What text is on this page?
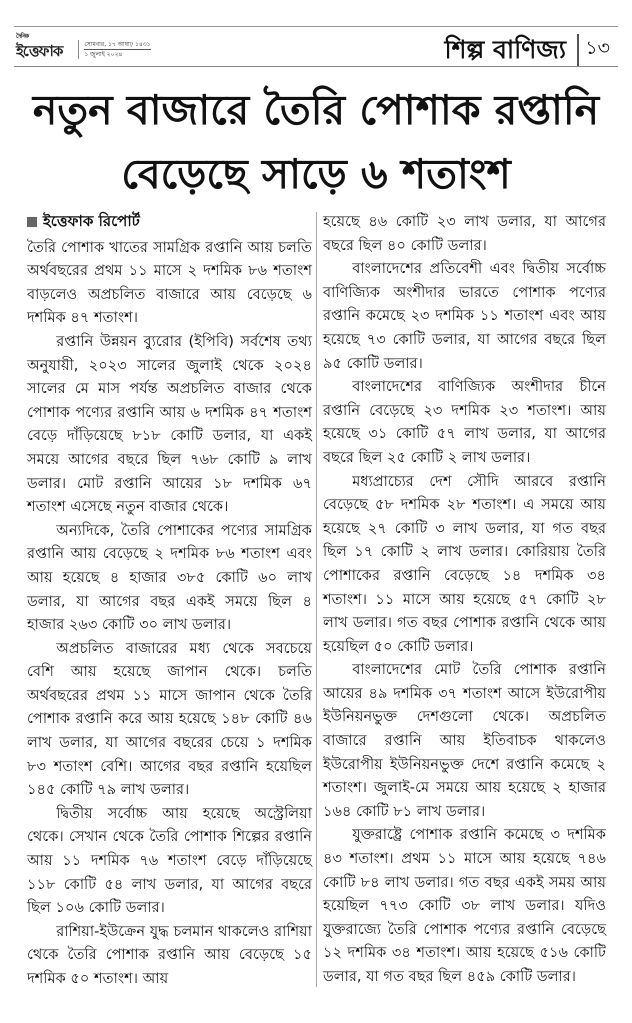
দৈনিক
ইত্তেফাক	সোমবার, ১৭ আষাঢ় ১৪৩১
১ জুলাই ২০২৪	শিল্প বাণিজ্য	১৩
নতুন বাজারে তৈরি পোশাক রপ্তানি
বেড়েছে সাড়ে ৬ শতাংশ
ইত্তেফাক রিপোর্ট

তৈরি পোশাক খাতের সামগ্রিক রপ্তানি আয় চলতি অর্থবছরের প্রথম ১১ মাসে ২ দশমিক ৮৬ শতাংশ বাড়লেও অপ্রচলিত বাজারে আয় বেড়েছে ৬ দশমিক ৪৭ শতাংশ।

রপ্তানি উন্নয়ন ব্যুরোর (ইপিবি) সর্বশেষ তথ্য অনুযায়ী, ২০২৩ সালের জুলাই থেকে ২০২৪ সালের মে মাস পর্যন্ত অপ্রচলিত বাজার থেকে পোশাক পণ্যের রপ্তানি আয় ৬ দশমিক ৪৭ শতাংশ বেড়ে দাঁড়িয়েছে ৮১৮ কোটি ডলার, যা একই সময়ে আগের বছরে ছিল ৭৬৮ কোটি ৯ লাখ ডলার। মোট রপ্তানি আয়ের ১৮ দশমিক ৬৭ শতাংশ এসেছে নতুন বাজার থেকে।

অন্যদিকে, তৈরি পোশাকের পণ্যের সামগ্রিক রপ্তানি আয় বেড়েছে ২ দশমিক ৮৬ শতাংশ এবং আয় হয়েছে ৪ হাজার ৩৮৫ কোটি ৬০ লাখ ডলার, যা আগের বছর একই সময়ে ছিল ৪ হাজার ২৬৩ কোটি ৩০ লাখ ডলার।

অপ্রচলিত বাজারের মধ্য থেকে সবচেয়ে বেশি আয় হয়েছে জাপান থেকে। চলতি অর্থবছরের প্রথম ১১ মাসে জাপান থেকে তৈরি পোশাক রপ্তানি করে আয় হয়েছে ১৪৮ কোটি ৪৬ লাখ ডলার, যা আগের বছরের চেয়ে ১ দশমিক ৮৩ শতাংশ বেশি। আগের বছর রপ্তানি হয়েছিল ১৪৫ কোটি ৭৯ লাখ ডলার।

দ্বিতীয় সর্বোচ্চ আয় হয়েছে অস্ট্রেলিয়া থেকে। সেখান থেকে তৈরি পোশাক শিল্পের রপ্তানি আয় ১১ দশমিক ৭৬ শতাংশ বেড়ে দাঁড়িয়েছে ১১৮ কোটি ৫৪ লাখ ডলার, যা আগের বছরে ছিল ১০৬ কোটি ডলার।

রাশিয়া-ইউক্রেন যুদ্ধ চলমান থাকলেও রাশিয়া থেকে তৈরি পোশাক রপ্তানি আয় বেড়েছে ১৫ দশমিক ৫০ শতাংশ। আয়

হয়েছে ৪৬ কোটি ২৩ লাখ ডলার, যা আগের বছরে ছিল ৪০ কোটি ডলার।

বাংলাদেশের প্রতিবেশী এবং দ্বিতীয় সর্বোচ্চ বাণিজ্যিক অংশীদার ভারতে পোশাক পণ্যের রপ্তানি কমেছে ২৩ দশমিক ১১ শতাংশ এবং আয় হয়েছে ৭৩ কোটি ডলার, যা আগের বছরে ছিল ৯৫ কোটি ডলার।

বাংলাদেশের বাণিজ্যিক অংশীদার চীনে রপ্তানি বেড়েছে ২৩ দশমিক ২৩ শতাংশ। আয় হয়েছে ৩১ কোটি ৫৭ লাখ ডলার, যা আগের বছরে ছিল ২৫ কোটি ২ লাখ ডলার।

মধ্যপ্রাচ্যের দেশ সৌদি আরবে রপ্তানি বেড়েছে ৫৮ দশমিক ২৮ শতাংশ। এ সময়ে আয় হয়েছে ২৭ কোটি ৩ লাখ ডলার, যা গত বছর ছিল ১৭ কোটি ২ লাখ ডলার। কোরিয়ায় তৈরি পোশাকের রপ্তানি বেড়েছে ১৪ দশমিক ৩৪ শতাংশ। ১১ মাসে আয় হয়েছে ৫৭ কোটি ২৮ লাখ ডলার। গত বছর পোশাক রপ্তানি থেকে আয় হয়েছিল ৫০ কোটি ডলার।

বাংলাদেশের মোট তৈরি পোশাক রপ্তানি আয়ের ৪৯ দশমিক ৩৭ শতাংশ আসে ইউরোপীয় ইউনিয়নভুক্ত দেশগুলো থেকে। অপ্রচলিত বাজারে রপ্তানি আয় ইতিবাচক থাকলেও ইউরোপীয় ইউনিয়নভুক্ত দেশে রপ্তানি কমেছে ২ শতাংশ। জুলাই-মে সময়ে আয় হয়েছে ২ হাজার ১৬৪ কোটি ৮১ লাখ ডলার।

যুক্তরাষ্ট্রে পোশাক রপ্তানি কমেছে ৩ দশমিক ৪৩ শতাংশ। প্রথম ১১ মাসে আয় হয়েছে ৭৪৬ কোটি ৮৪ লাখ ডলার। গত বছর একই সময় আয় হয়েছিল ৭৭৩ কোটি ৩৮ লাখ ডলার। যদিও যুক্তরাজ্যে তৈরি পোশাক পণ্যের রপ্তানি বেড়েছে ১২ দশমিক ৩৪ শতাংশ। আয় হয়েছে ৫১৬ কোটি ডলার, যা গত বছর ছিল ৪৫৯ কোটি ডলার।
